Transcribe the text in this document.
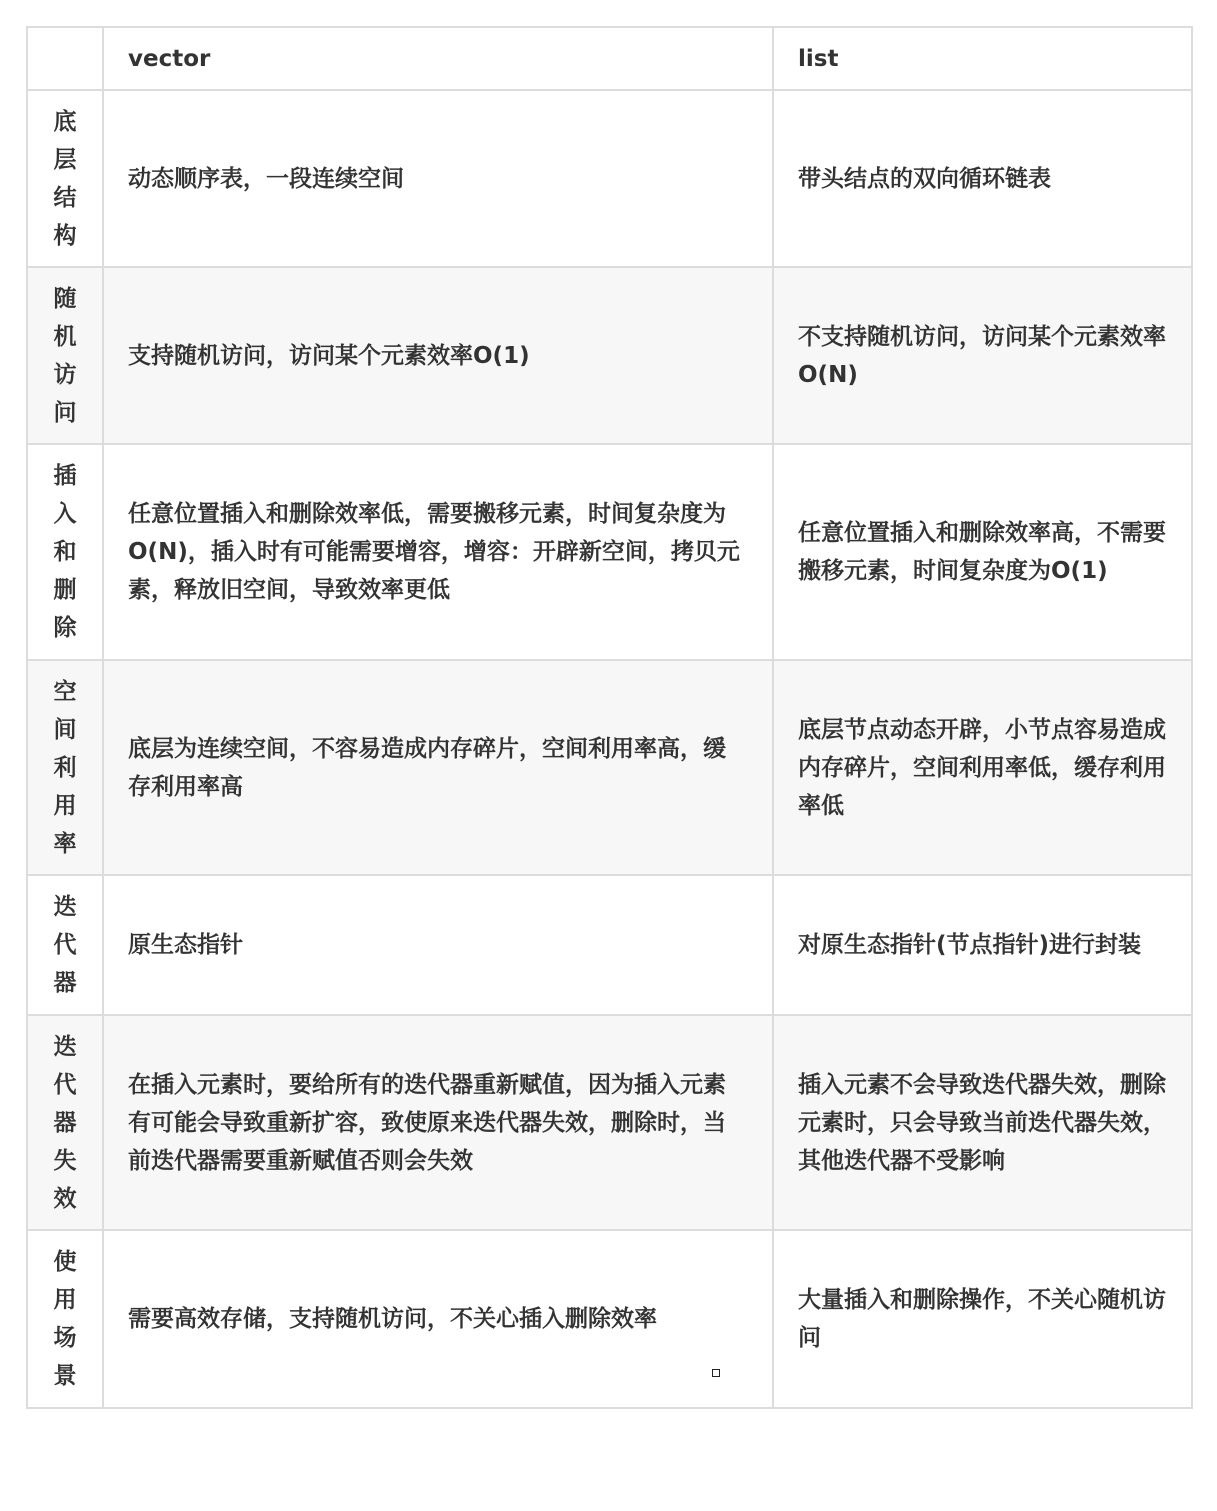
	vector	list
底层结构	动态顺序表，一段连续空间	带头结点的双向循环链表
随机访问	支持随机访问，访问某个元素效率O(1)	不支持随机访问，访问某个元素效率O(N)
插入和删除	任意位置插入和删除效率低，需要搬移元素，时间复杂度为O(N)，插入时有可能需要增容，增容：开辟新空间，拷贝元素，释放旧空间，导致效率更低	任意位置插入和删除效率高，不需要搬移元素，时间复杂度为O(1)
空间利用率	底层为连续空间，不容易造成内存碎片，空间利用率高，缓存利用率高	底层节点动态开辟，小节点容易造成内存碎片，空间利用率低，缓存利用率低
迭代器	原生态指针	对原生态指针(节点指针)进行封装
迭代器失效	在插入元素时，要给所有的迭代器重新赋值，因为插入元素有可能会导致重新扩容，致使原来迭代器失效，删除时，当前迭代器需要重新赋值否则会失效	插入元素不会导致迭代器失效，删除元素时，只会导致当前迭代器失效，其他迭代器不受影响
使用场景	需要高效存储，支持随机访问，不关心插入删除效率	大量插入和删除操作，不关心随机访问
